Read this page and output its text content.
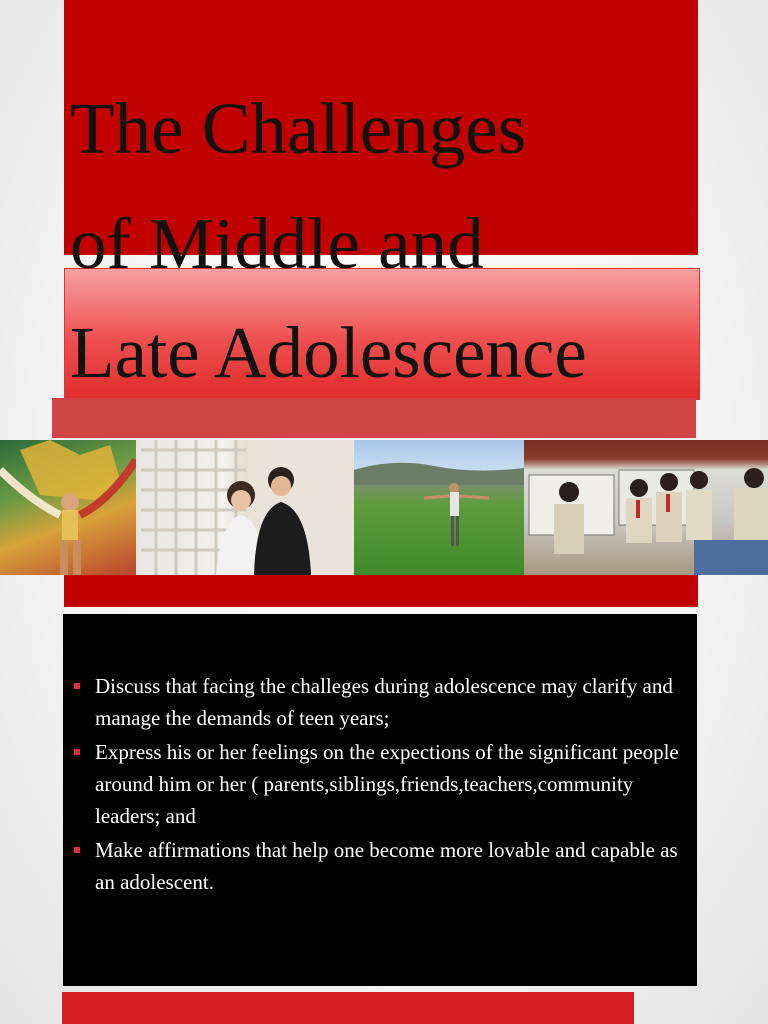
The Challenges
of Middle and
Late Adolescence
Discuss that facing the challeges during adolescence may clarify and manage the demands of teen years;
Express his or her feelings on the expections of the significant people around him or her ( parents,siblings,friends,teachers,community leaders; and
Make affirmations that help one become more lovable and capable as an adolescent.
